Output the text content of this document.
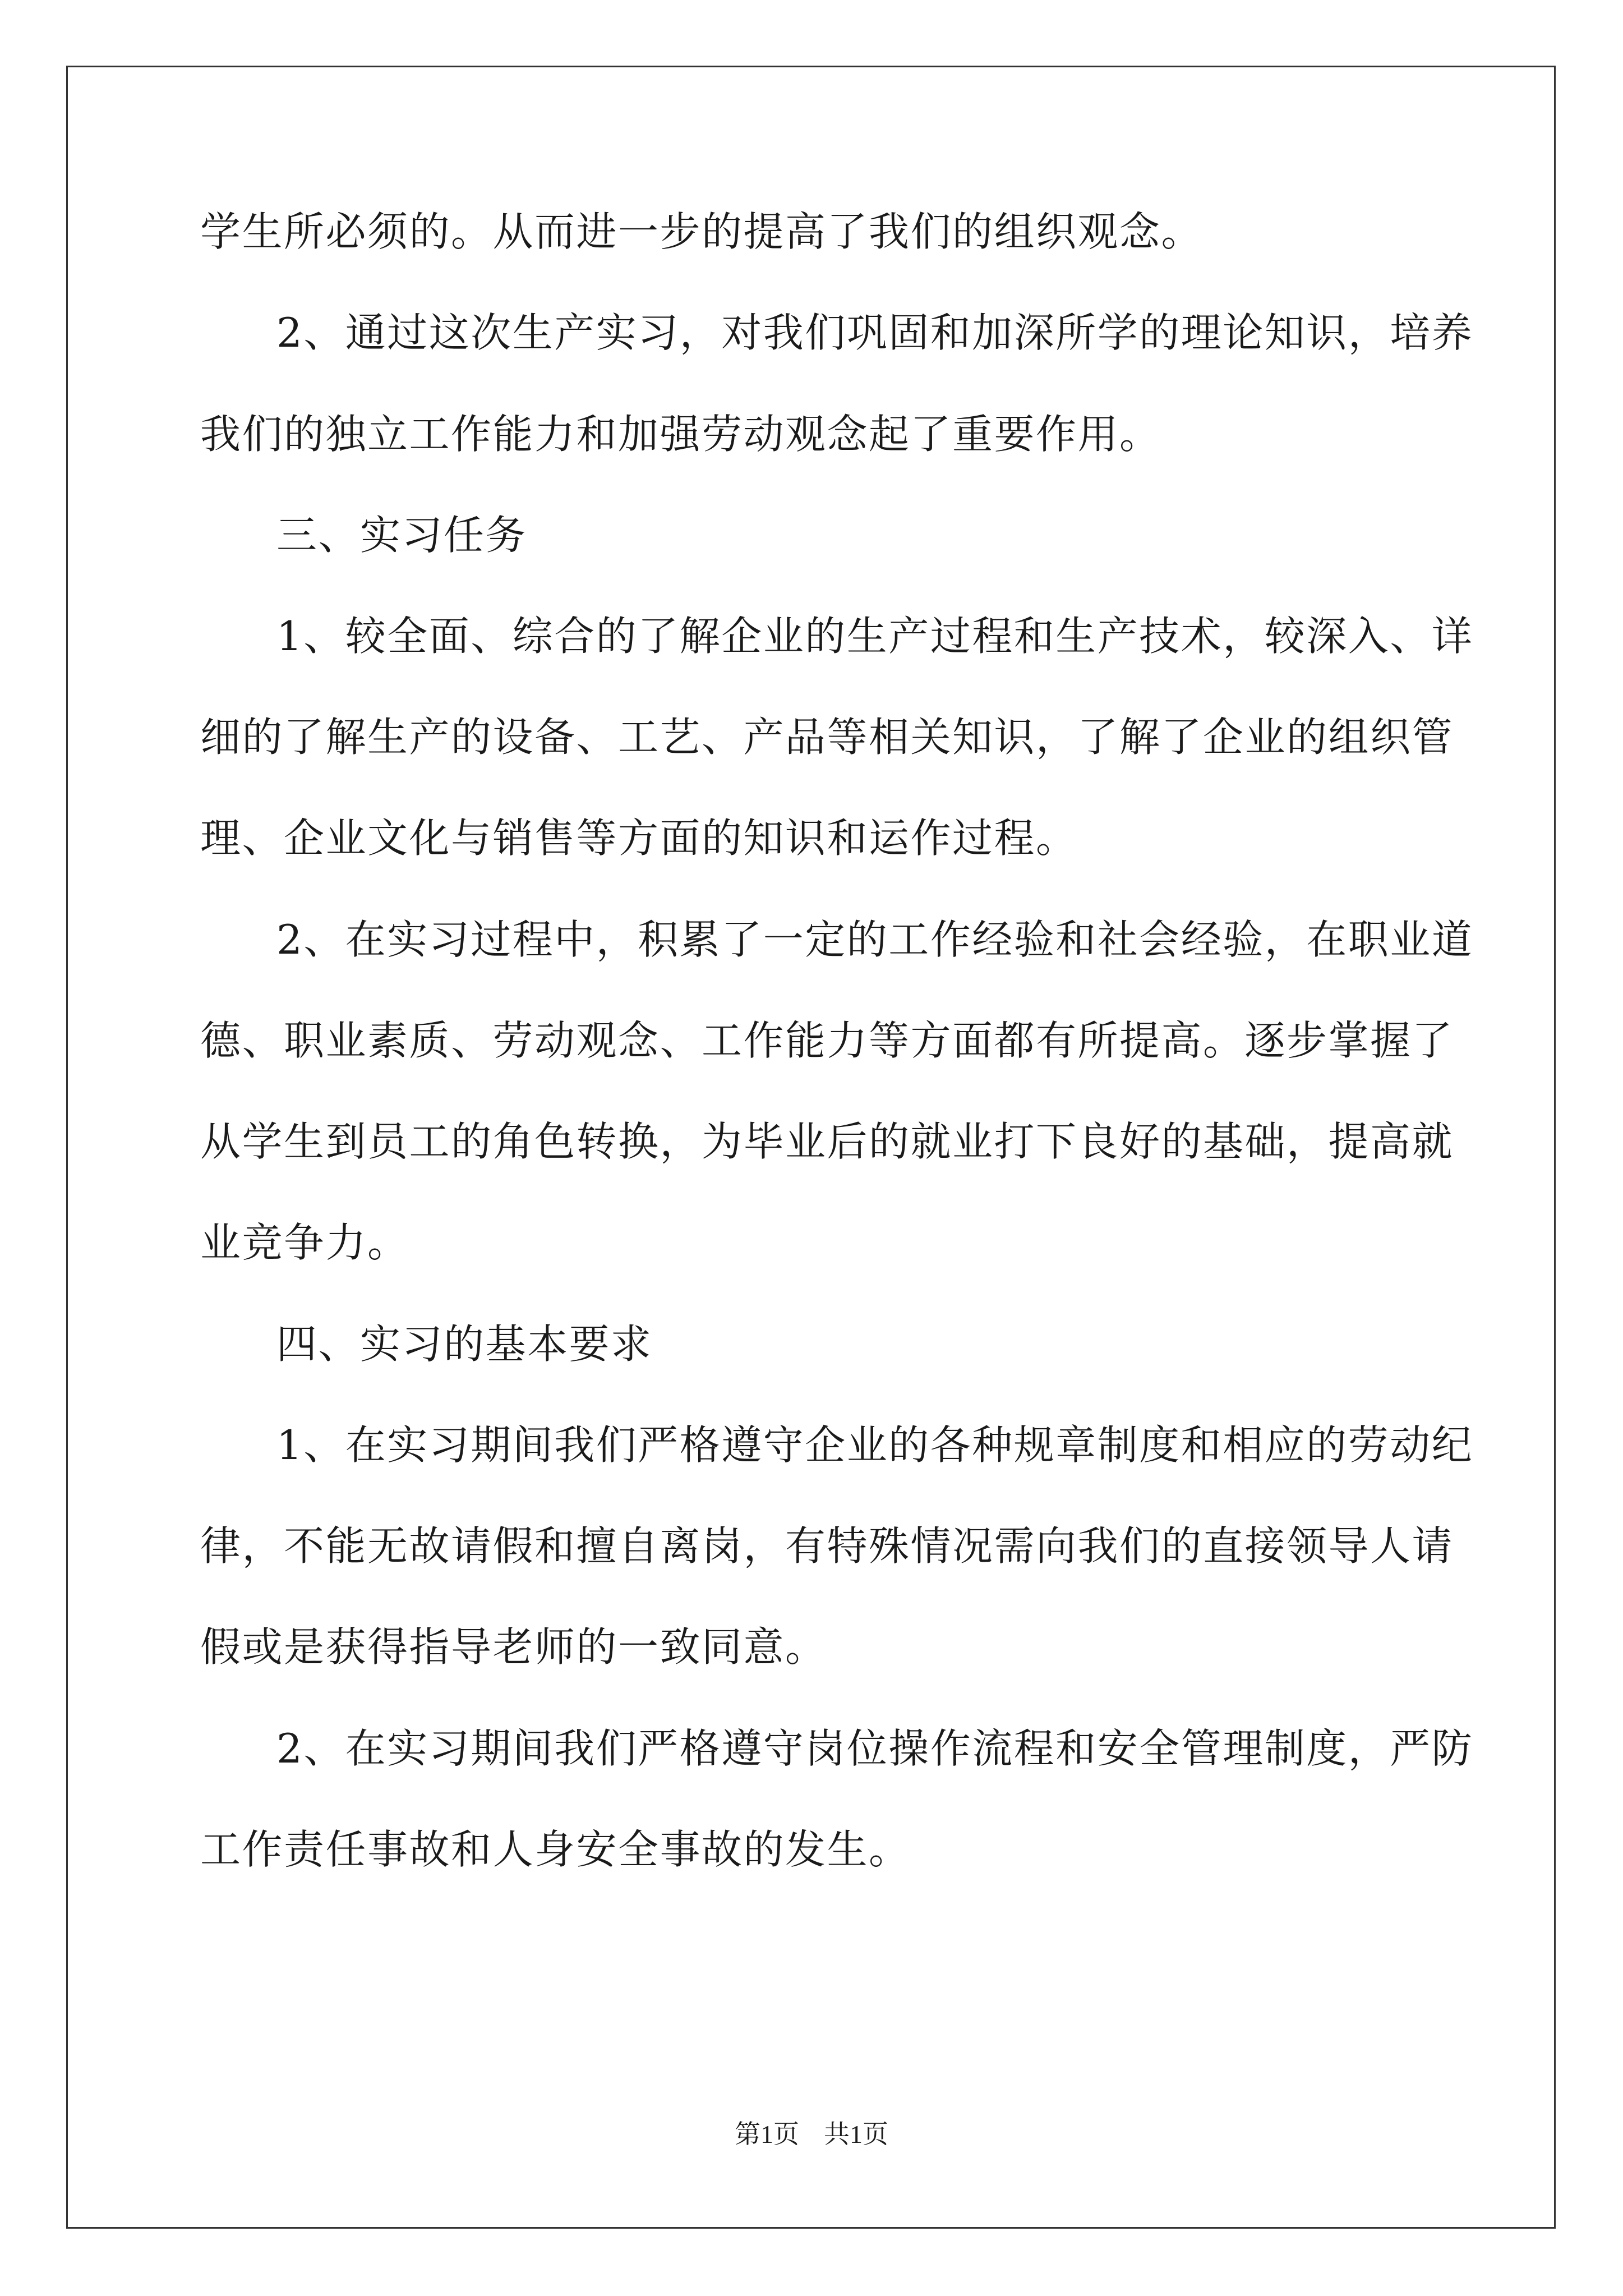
学生所必须的。从而进一步的提高了我们的组织观念。
2、通过这次生产实习，对我们巩固和加深所学的理论知识，培养
我们的独立工作能力和加强劳动观念起了重要作用。
三、实习任务
1、较全面、综合的了解企业的生产过程和生产技术，较深入、详
细的了解生产的设备、工艺、产品等相关知识，了解了企业的组织管
理、企业文化与销售等方面的知识和运作过程。
2、在实习过程中，积累了一定的工作经验和社会经验，在职业道
德、职业素质、劳动观念、工作能力等方面都有所提高。逐步掌握了
从学生到员工的角色转换，为毕业后的就业打下良好的基础，提高就
业竞争力。
四、实习的基本要求
1、在实习期间我们严格遵守企业的各种规章制度和相应的劳动纪
律，不能无故请假和擅自离岗，有特殊情况需向我们的直接领导人请
假或是获得指导老师的一致同意。
2、在实习期间我们严格遵守岗位操作流程和安全管理制度，严防
工作责任事故和人身安全事故的发生。
第1页 共1页
